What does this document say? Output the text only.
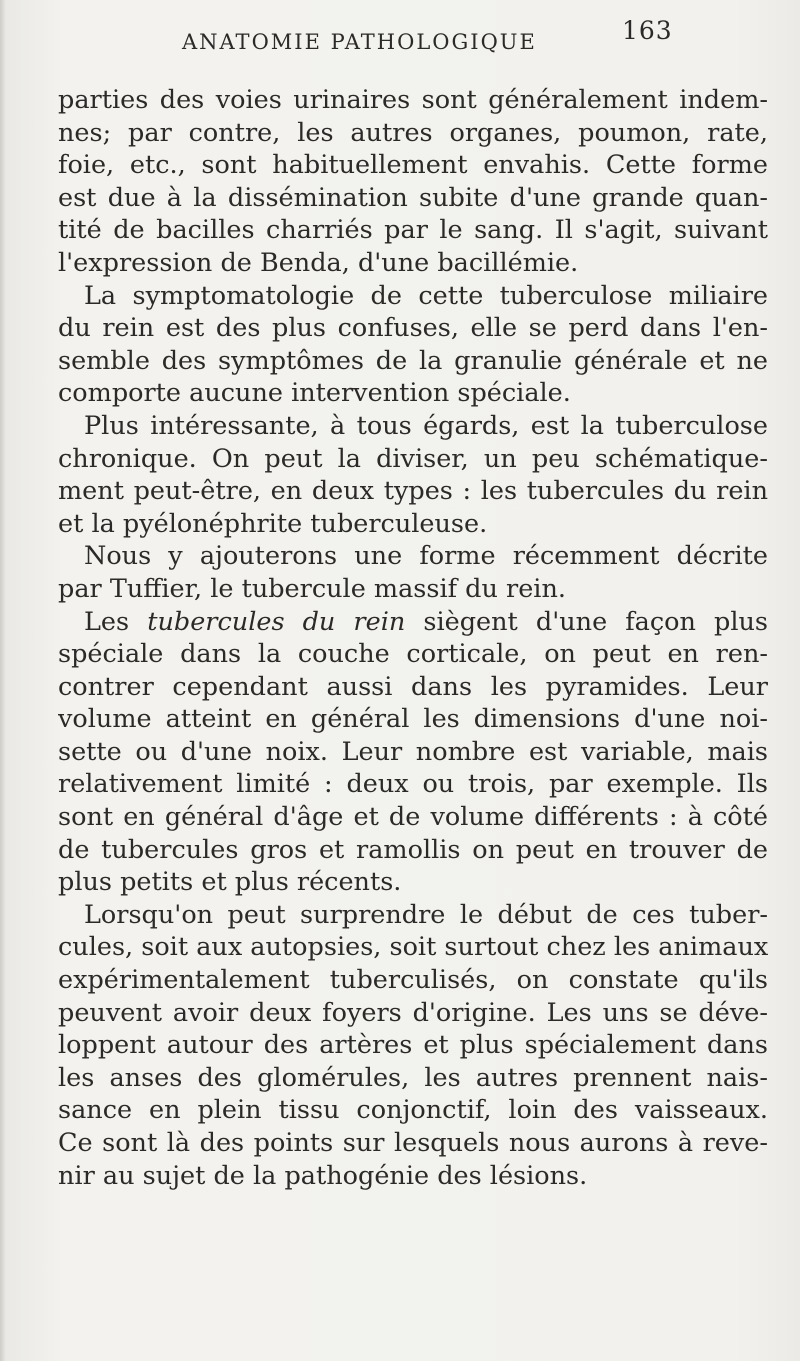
ANATOMIE PATHOLOGIQUE	163
parties des voies urinaires sont généralement indem-
nes; par contre, les autres organes, poumon, rate,
foie, etc., sont habituellement envahis. Cette forme
est due à la dissémination subite d'une grande quan-
tité de bacilles charriés par le sang. Il s'agit, suivant
l'expression de Benda, d'une bacillémie.
La symptomatologie de cette tuberculose miliaire
du rein est des plus confuses, elle se perd dans l'en-
semble des symptômes de la granulie générale et ne
comporte aucune intervention spéciale.
Plus intéressante, à tous égards, est la tuberculose
chronique. On peut la diviser, un peu schématique-
ment peut-être, en deux types : les tubercules du rein
et la pyélonéphrite tuberculeuse.
Nous y ajouterons une forme récemment décrite
par Tuffier, le tubercule massif du rein.
Les tubercules du rein siègent d'une façon plus
spéciale dans la couche corticale, on peut en ren-
contrer cependant aussi dans les pyramides. Leur
volume atteint en général les dimensions d'une noi-
sette ou d'une noix. Leur nombre est variable, mais
relativement limité : deux ou trois, par exemple. Ils
sont en général d'âge et de volume différents : à côté
de tubercules gros et ramollis on peut en trouver de
plus petits et plus récents.
Lorsqu'on peut surprendre le début de ces tuber-
cules, soit aux autopsies, soit surtout chez les animaux
expérimentalement tuberculisés, on constate qu'ils
peuvent avoir deux foyers d'origine. Les uns se déve-
loppent autour des artères et plus spécialement dans
les anses des glomérules, les autres prennent nais-
sance en plein tissu conjonctif, loin des vaisseaux.
Ce sont là des points sur lesquels nous aurons à reve-
nir au sujet de la pathogénie des lésions.
